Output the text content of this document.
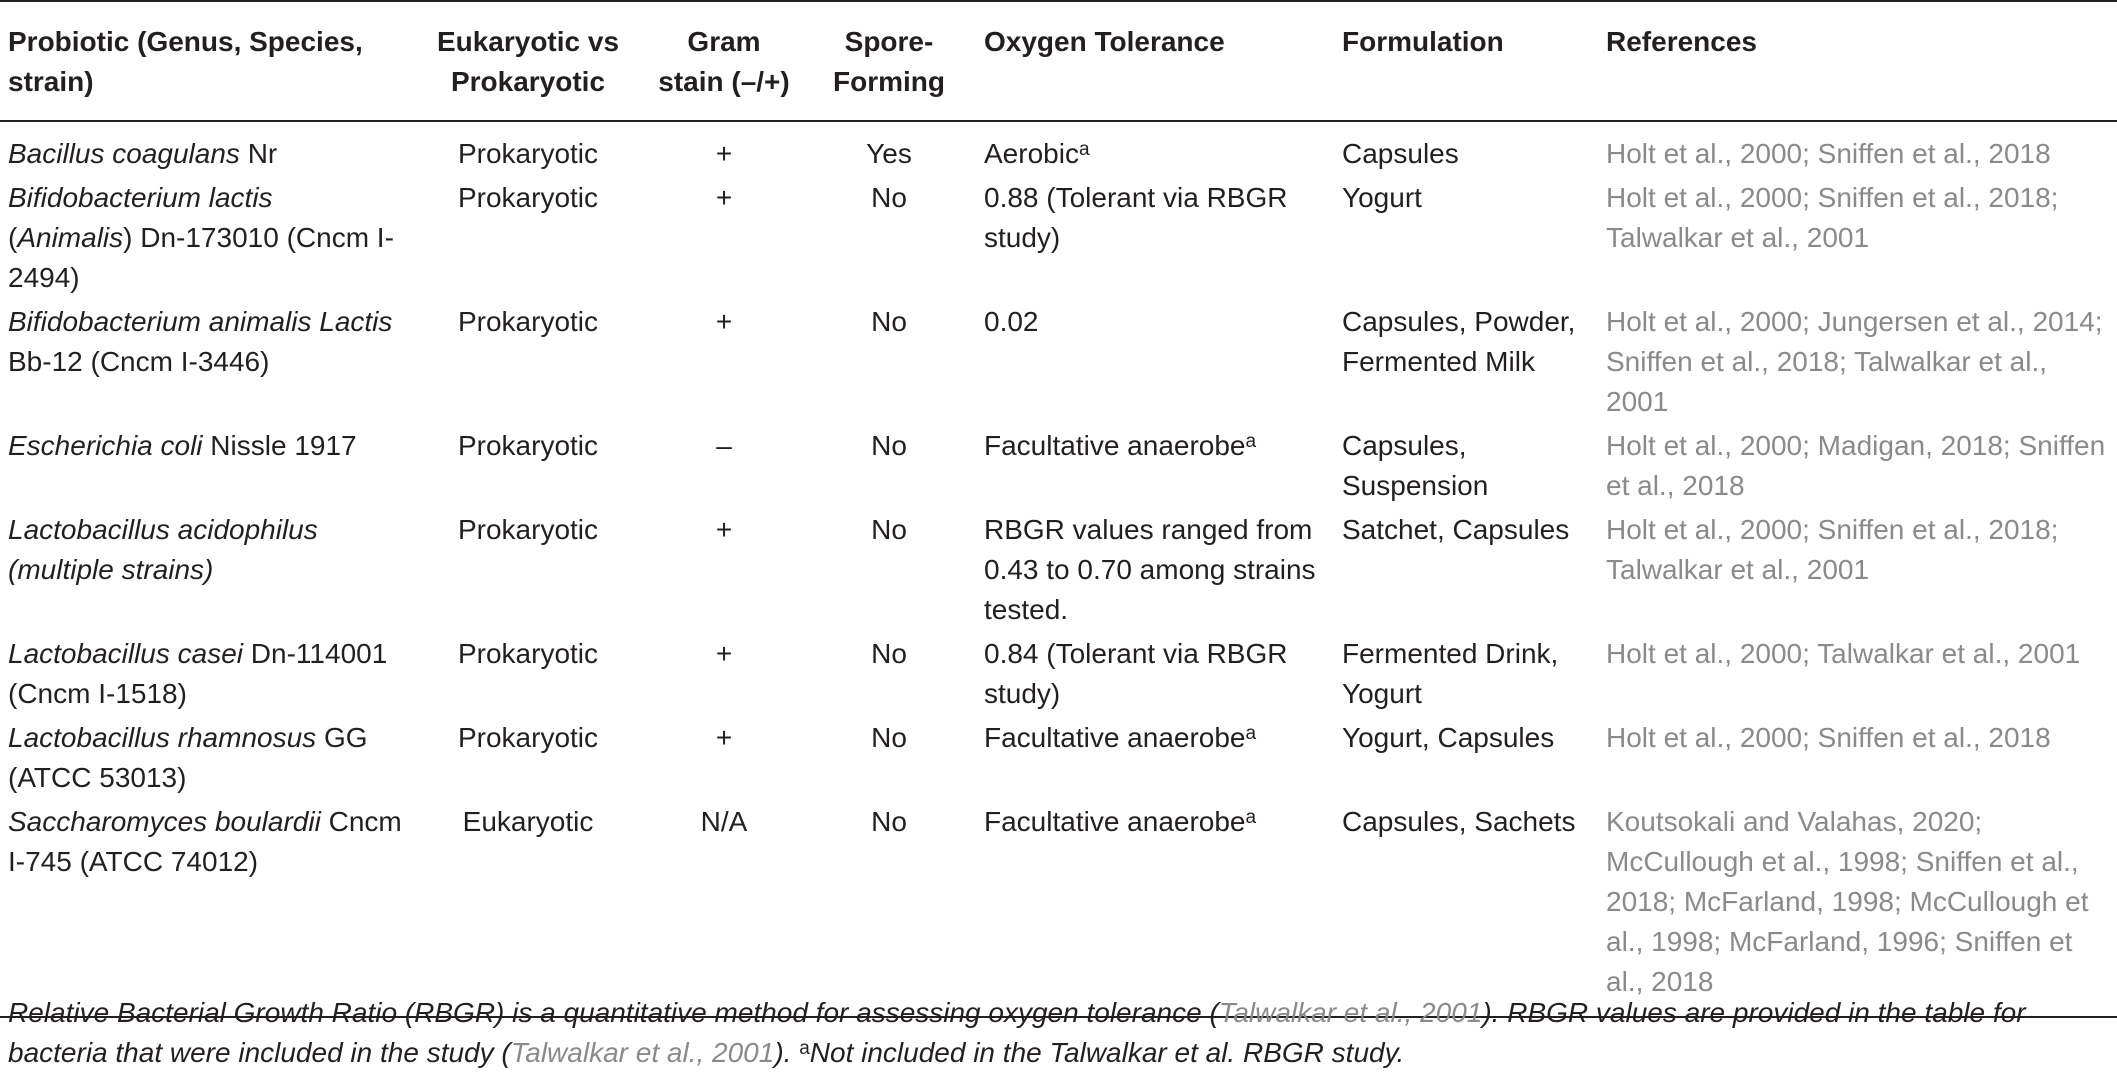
Probiotic (Genus, Species, strain)	Eukaryotic vs Prokaryotic	Gram stain (–/+)	Spore-Forming	Oxygen Tolerance	Formulation	References
Bacillus coagulans Nr	Prokaryotic	+	Yes	Aerobic$^a$	Capsules	Holt et al., 2000; Sniffen et al., 2018
Bifidobacterium lactis (Animalis) Dn-173010 (Cncm I-2494)	Prokaryotic	+	No	0.88 (Tolerant via RBGR study)	Yogurt	Holt et al., 2000; Sniffen et al., 2018; Talwalkar et al., 2001
Bifidobacterium animalis Lactis Bb-12 (Cncm I-3446)	Prokaryotic	+	No	0.02	Capsules, Powder, Fermented Milk	Holt et al., 2000; Jungersen et al., 2014; Sniffen et al., 2018; Talwalkar et al., 2001
Escherichia coli Nissle 1917	Prokaryotic	–	No	Facultative anaerobe$^a$	Capsules, Suspension	Holt et al., 2000; Madigan, 2018; Sniffen et al., 2018
Lactobacillus acidophilus (multiple strains)	Prokaryotic	+	No	RBGR values ranged from 0.43 to 0.70 among strains tested.	Satchet, Capsules	Holt et al., 2000; Sniffen et al., 2018; Talwalkar et al., 2001
Lactobacillus casei Dn-114001 (Cncm I-1518)	Prokaryotic	+	No	0.84 (Tolerant via RBGR study)	Fermented Drink, Yogurt	Holt et al., 2000; Talwalkar et al., 2001
Lactobacillus rhamnosus GG (ATCC 53013)	Prokaryotic	+	No	Facultative anaerobe$^a$	Yogurt, Capsules	Holt et al., 2000; Sniffen et al., 2018
Saccharomyces boulardii Cncm I-745 (ATCC 74012)	Eukaryotic	N/A	No	Facultative anaerobe$^a$	Capsules, Sachets	Koutsokali and Valahas, 2020; McCullough et al., 1998; Sniffen et al., 2018; McFarland, 1998; McCullough et al., 1998; McFarland, 1996; Sniffen et al., 2018
Relative Bacterial Growth Ratio (RBGR) is a quantitative method for assessing oxygen tolerance (Talwalkar et al., 2001). RBGR values are provided in the table for bacteria that were included in the study (Talwalkar et al., 2001). $^a$Not included in the Talwalkar et al. RBGR study.
